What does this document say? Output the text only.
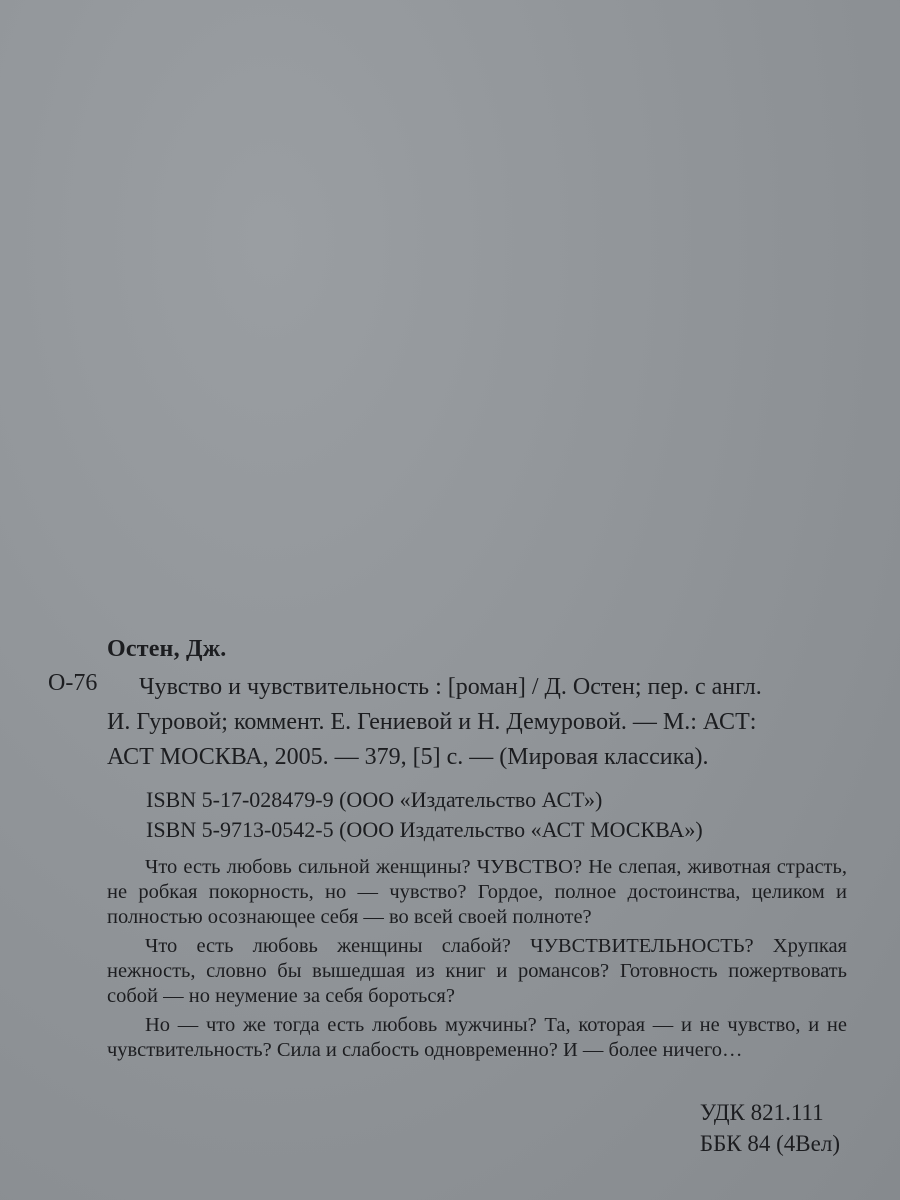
Остен, Дж.
О-76 Чувство и чувствительность : [роман] / Д. Остен; пер. с англ.
И. Гуровой; коммент. Е. Гениевой и Н. Демуровой. — М.: АСТ:
АСТ МОСКВА, 2005. — 379, [5] с. — (Мировая классика).
ISBN 5-17-028479-9 (ООО «Издательство АСТ»)
ISBN 5-9713-0542-5 (ООО Издательство «АСТ МОСКВА»)

Что есть любовь сильной женщины? ЧУВСТВО? Не слепая, животная страсть, не робкая покорность, но — чувство? Гордое, полное достоинства, целиком и полностью осознающее себя — во всей своей полноте?

Что есть любовь женщины слабой? ЧУВСТВИТЕЛЬНОСТЬ? Хрупкая нежность, словно бы вышедшая из книг и романсов? Готовность пожертвовать собой — но неумение за себя бороться?

Но — что же тогда есть любовь мужчины? Та, которая — и не чувство, и не чувствительность? Сила и слабость одновременно? И — более ничего…

УДК 821.111
ББК 84 (4Вел)
